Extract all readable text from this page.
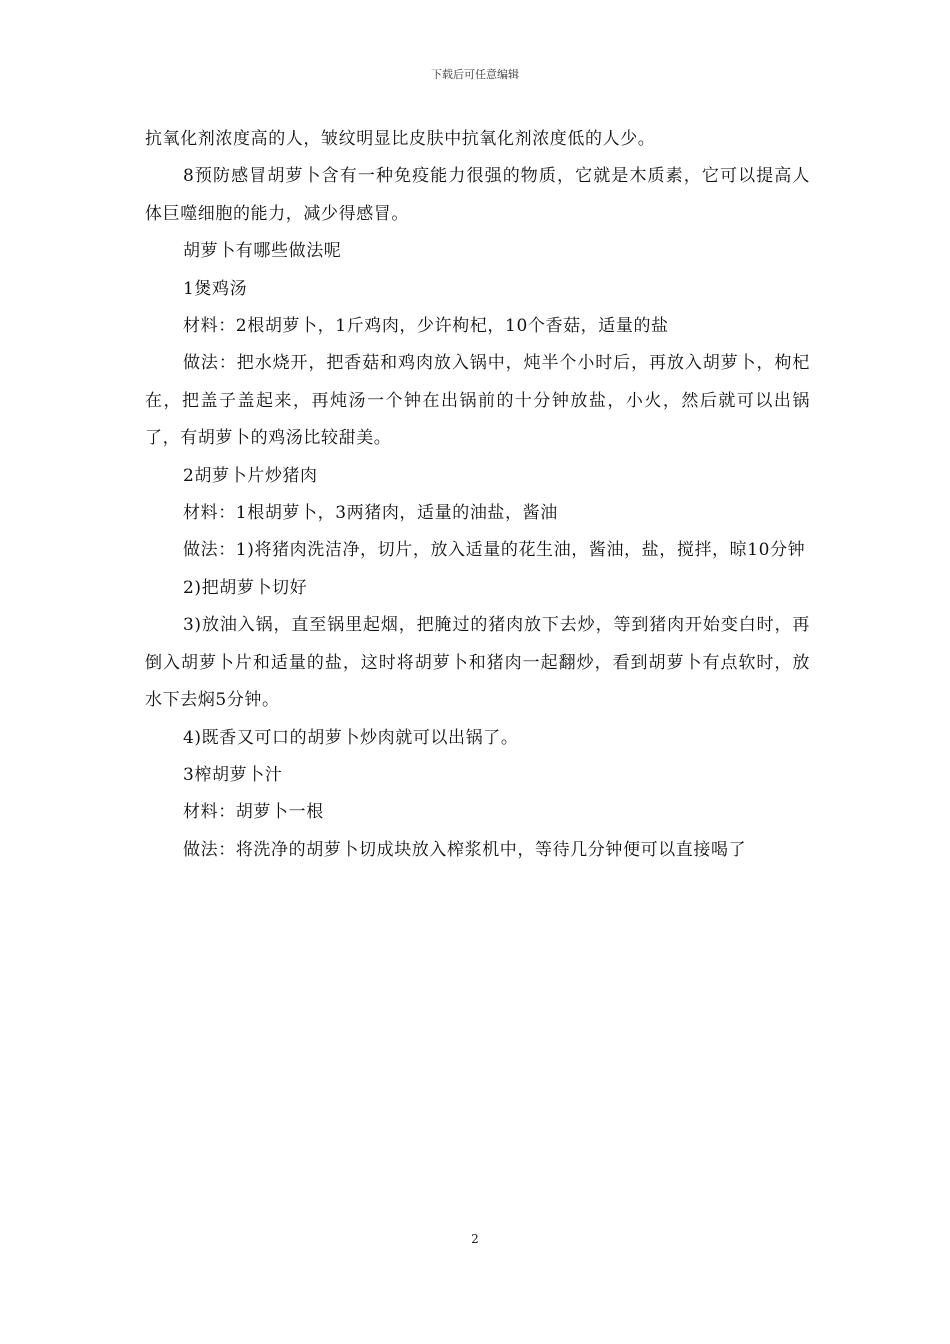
下载后可任意编辑

抗氧化剂浓度高的人，皱纹明显比皮肤中抗氧化剂浓度低的人少。

8预防感冒胡萝卜含有一种免疫能力很强的物质，它就是木质素，它可以提高人体巨噬细胞的能力，减少得感冒。

胡萝卜有哪些做法呢

1煲鸡汤

材料：2根胡萝卜，1斤鸡肉，少许枸杞，10个香菇，适量的盐

做法：把水烧开，把香菇和鸡肉放入锅中，炖半个小时后，再放入胡萝卜，枸杞在，把盖子盖起来，再炖汤一个钟在出锅前的十分钟放盐，小火，然后就可以出锅了，有胡萝卜的鸡汤比较甜美。

2胡萝卜片炒猪肉

材料：1根胡萝卜，3两猪肉，适量的油盐，酱油

做法：1)将猪肉洗洁净，切片，放入适量的花生油，酱油，盐，搅拌，晾10分钟

2)把胡萝卜切好

3)放油入锅，直至锅里起烟，把腌过的猪肉放下去炒，等到猪肉开始变白时，再倒入胡萝卜片和适量的盐，这时将胡萝卜和猪肉一起翻炒，看到胡萝卜有点软时，放水下去焖5分钟。

4)既香又可口的胡萝卜炒肉就可以出锅了。

3榨胡萝卜汁

材料：胡萝卜一根

做法：将洗净的胡萝卜切成块放入榨浆机中，等待几分钟便可以直接喝了

2
